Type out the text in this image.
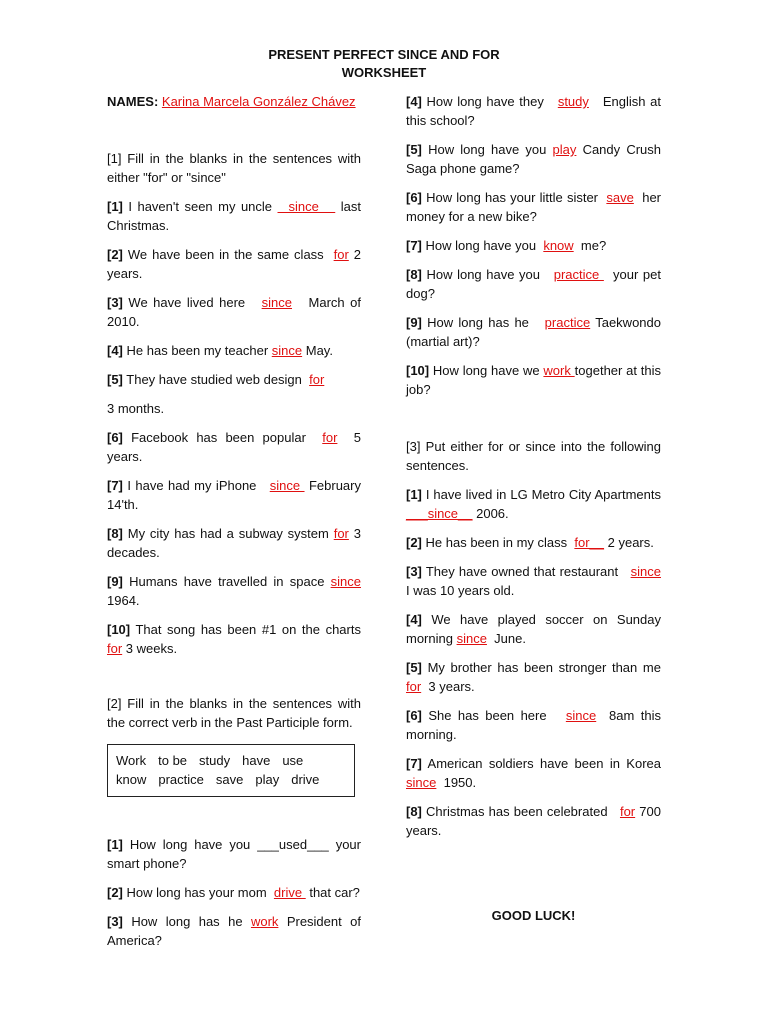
PRESENT PERFECT SINCE AND FOR
WORKSHEET

NAMES: Karina Marcela González Chávez

[1] Fill in the blanks in the sentences with either "for" or "since"

[1] I haven't seen my uncle   since    last Christmas.

[2] We have been in the same class  for 2 years.

[3] We have lived here   since   March of 2010.

[4] He has been my teacher since May.

[5] They have studied web design  for

3 months.

[6] Facebook has been popular  for  5 years.

[7] I have had my iPhone   since  February 14'th.

[8] My city has had a subway system for 3 decades.

[9] Humans have travelled in space since 1964.

[10] That song has been #1 on the charts  for 3 weeks.

[2] Fill in the blanks in the sentences with the correct verb in the Past Participle form.

Work to be study have use
know practice save play drive

[1] How long have you ___used___ your smart phone?

[2] How long has your mom  drive  that car?

[3] How long has he work President of America?

[4] How long have they   study   English at this school?

[5] How long have you play Candy Crush Saga phone game?

[6] How long has your little sister  save  her money for a new bike?

[7] How long have you  know  me?

[8] How long have you   practice   your pet dog?

[9] How long has he   practice Taekwondo (martial art)?

[10] How long have we work together at this job?

[3] Put either for or since into the following sentences.

[1] I have lived in LG Metro City Apartments ___since__ 2006.

[2] He has been in my class  for__ 2 years.

[3] They have owned that restaurant   since I was 10 years old.

[4] We have played soccer on Sunday morning since  June.

[5] My brother has been stronger than me for  3 years.

[6] She has been here   since  8am this morning.

[7] American soldiers have been in Korea since  1950.

[8] Christmas has been celebrated   for 700 years.

GOOD LUCK!
